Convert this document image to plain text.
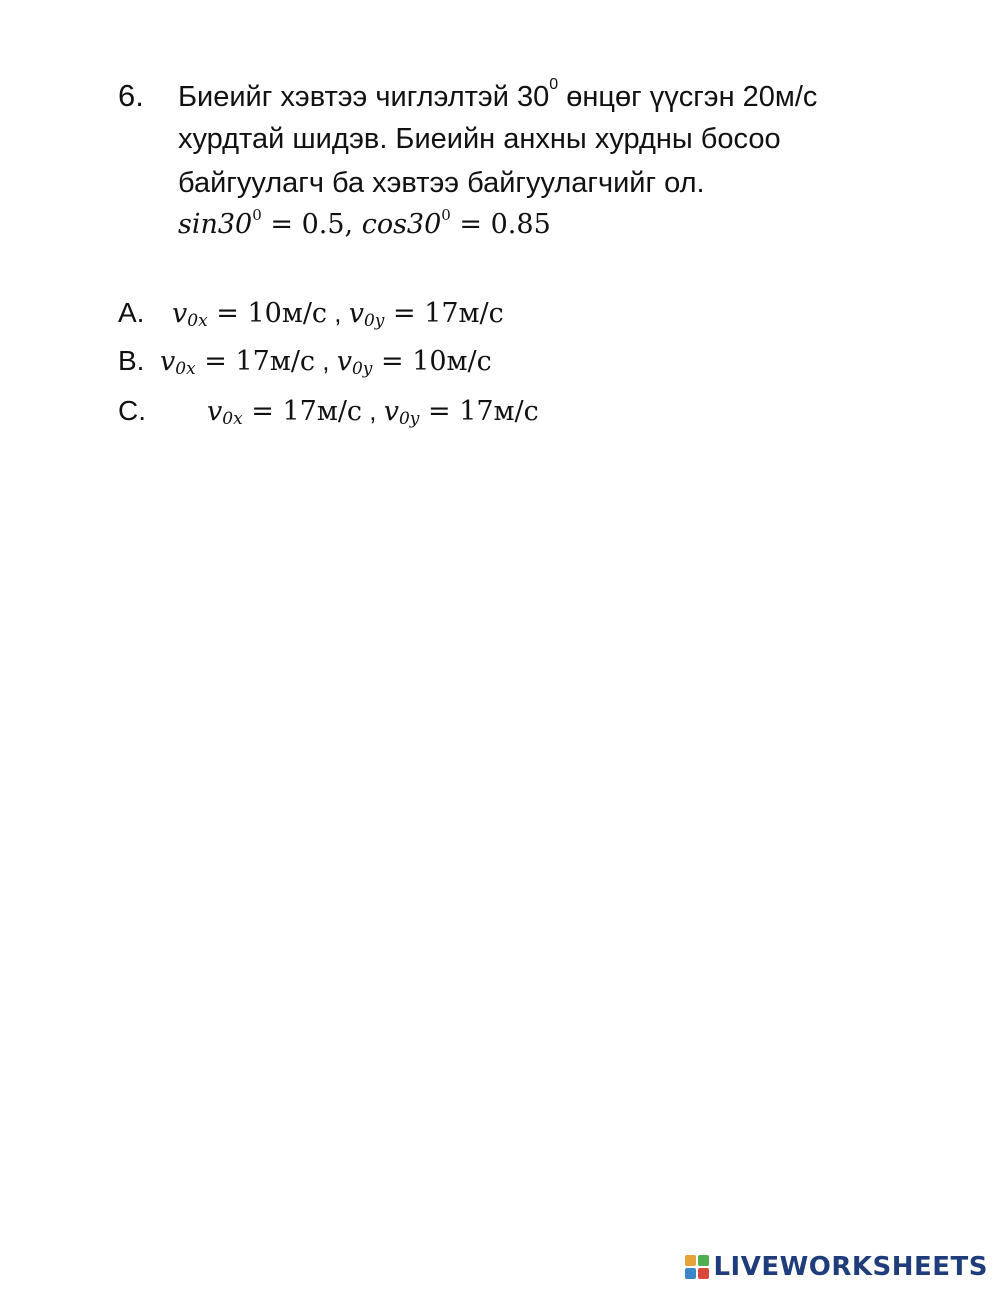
6. Биеийг хэвтээ чиглэлтэй $30^0$ өнцөг үүсгэн 20м/с
хурдтай шидэв. Биеийн анхны хурдны босоо
байгуулагч ба хэвтээ байгуулагчийг ол.
$\sin 30^0 = 0.5$, $\cos 30^0 = 0.85$
A. $v_{0x} = 10м/с$ , $v_{0y} = 17м/с$
B. $v_{0x} = 17м/с$ , $v_{0y} = 10м/с$
C. $v_{0x} = 17м/с$ , $v_{0y} = 17м/с$
LIVEWORKSHEETS
